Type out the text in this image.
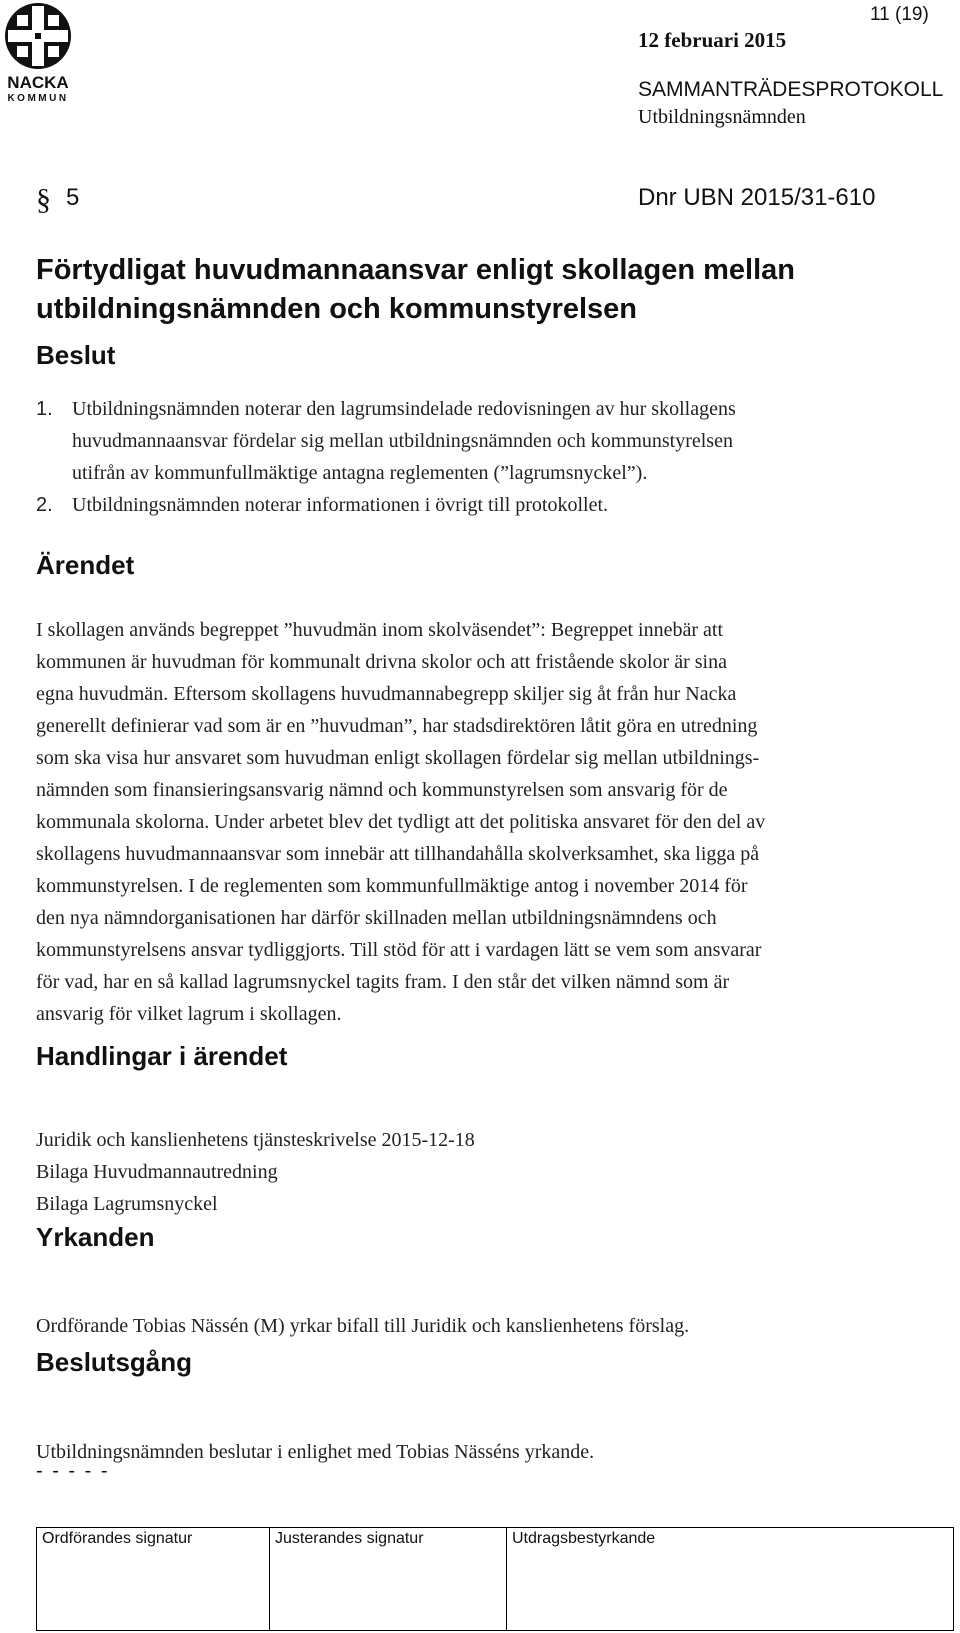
NACKA
KOMMUN
11 (19)
12 februari 2015
SAMMANTRÄDESPROTOKOLL
Utbildningsnämnden
§ 5	Dnr UBN 2015/31-610
Förtydligat huvudmannaansvar enligt skollagen mellan
utbildningsnämnden och kommunstyrelsen
Beslut
1. Utbildningsnämnden noterar den lagrumsindelade redovisningen av hur skollagens
huvudmannaansvar fördelar sig mellan utbildningsnämnden och kommunstyrelsen
utifrån av kommunfullmäktige antagna reglementen (”lagrumsnyckel”).
2. Utbildningsnämnden noterar informationen i övrigt till protokollet.
Ärendet

I skollagen används begreppet ”huvudmän inom skolväsendet”: Begreppet innebär att
kommunen är huvudman för kommunalt drivna skolor och att fristående skolor är sina
egna huvudmän. Eftersom skollagens huvudmannabegrepp skiljer sig åt från hur Nacka
generellt definierar vad som är en ”huvudman”, har stadsdirektören låtit göra en utredning
som ska visa hur ansvaret som huvudman enligt skollagen fördelar sig mellan utbildnings-
nämnden som finansieringsansvarig nämnd och kommunstyrelsen som ansvarig för de
kommunala skolorna. Under arbetet blev det tydligt att det politiska ansvaret för den del av
skollagens huvudmannaansvar som innebär att tillhandahålla skolverksamhet, ska ligga på
kommunstyrelsen. I de reglementen som kommunfullmäktige antog i november 2014 för
den nya nämndorganisationen har därför skillnaden mellan utbildningsnämndens och
kommunstyrelsens ansvar tydliggjorts. Till stöd för att i vardagen lätt se vem som ansvarar
för vad, har en så kallad lagrumsnyckel tagits fram. I den står det vilken nämnd som är
ansvarig för vilket lagrum i skollagen.

Handlingar i ärendet
Juridik och kanslienhetens tjänsteskrivelse 2015-12-18
Bilaga Huvudmannautredning
Bilaga Lagrumsnyckel
Yrkanden

Ordförande Tobias Nässén (M) yrkar bifall till Juridik och kanslienhetens förslag.

Beslutsgång

Utbildningsnämnden beslutar i enlighet med Tobias Nässéns yrkande.

- - - - -
Ordförandes signatur	Justerandes signatur	Utdragsbestyrkande
